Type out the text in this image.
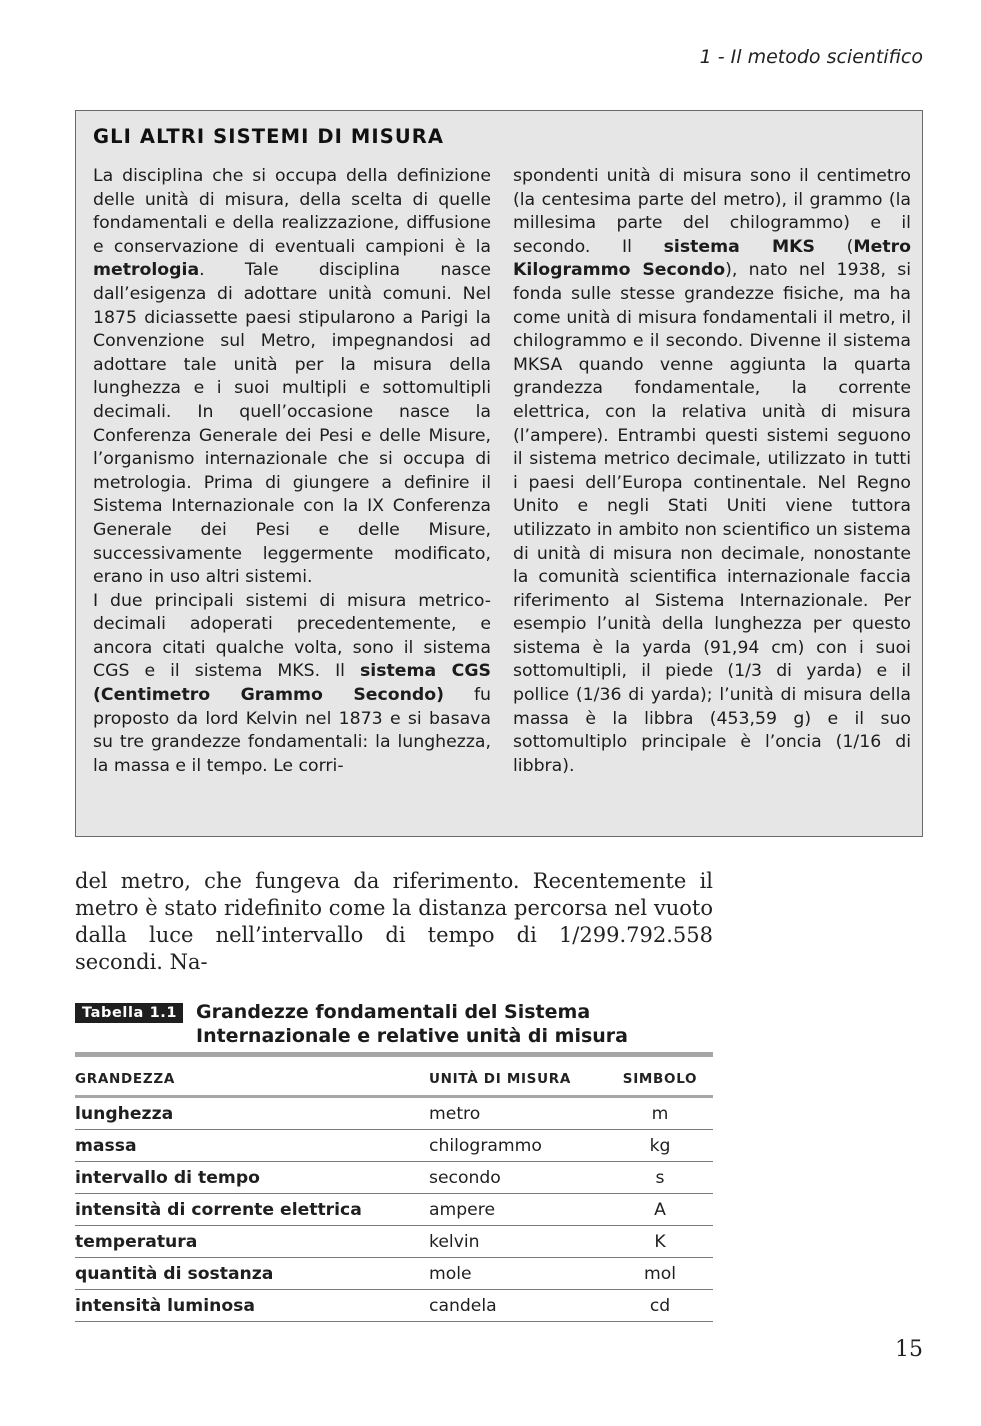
1 - Il metodo scientifico
GLI ALTRI SISTEMI DI MISURA

La disciplina che si occupa della definizione delle unità di misura, della scelta di quelle fondamentali e della realizzazione, diffusione e conservazione di eventuali campioni è la metrologia. Tale disciplina nasce dall’esigenza di adottare unità comuni. Nel 1875 diciassette paesi stipularono a Parigi la Convenzione sul Metro, impegnandosi ad adottare tale unità per la misura della lunghezza e i suoi multipli e sottomultipli decimali. In quell’occasione nasce la Conferenza Generale dei Pesi e delle Misure, l’organismo internazionale che si occupa di metrologia. Prima di giungere a definire il Sistema Internazionale con la IX Conferenza Generale dei Pesi e delle Misure, successivamente leggermente modificato, erano in uso altri sistemi.

I due principali sistemi di misura metrico-decimali adoperati precedentemente, e ancora citati qualche volta, sono il sistema CGS e il sistema MKS. Il sistema CGS (Centimetro Grammo Secondo) fu proposto da lord Kelvin nel 1873 e si basava su tre grandezze fondamentali: la lunghezza, la massa e il tempo. Le corri-

spondenti unità di misura sono il centimetro (la centesima parte del metro), il grammo (la millesima parte del chilogrammo) e il secondo. Il sistema MKS (Metro Kilogrammo Secondo), nato nel 1938, si fonda sulle stesse grandezze fisiche, ma ha come unità di misura fondamentali il metro, il chilogrammo e il secondo. Divenne il sistema MKSA quando venne aggiunta la quarta grandezza fondamentale, la corrente elettrica, con la relativa unità di misura (l’ampere). Entrambi questi sistemi seguono il sistema metrico decimale, utilizzato in tutti i paesi dell’Europa continentale. Nel Regno Unito e negli Stati Uniti viene tuttora utilizzato in ambito non scientifico un sistema di unità di misura non decimale, nonostante la comunità scientifica internazionale faccia riferimento al Sistema Internazionale. Per esempio l’unità della lunghezza per questo sistema è la yarda (91,94 cm) con i suoi sottomultipli, il piede (1/3 di yarda) e il pollice (1/36 di yarda); l’unità di misura della massa è la libbra (453,59 g) e il suo sottomultiplo principale è l’oncia (1/16 di libbra).

del metro, che fungeva da riferimento. Recentemente il metro è stato ridefinito come la distanza percorsa nel vuoto dalla luce nell’intervallo di tempo di 1/299.792.558 secondi. Na-

Tabella 1.1 Grandezze fondamentali del Sistema Internazionale e relative unità di misura
GRANDEZZA	UNITÀ DI MISURA	SIMBOLO
lunghezza	metro	m
massa	chilogrammo	kg
intervallo di tempo	secondo	s
intensità di corrente elettrica	ampere	A
temperatura	kelvin	K
quantità di sostanza	mole	mol
intensità luminosa	candela	cd
15
